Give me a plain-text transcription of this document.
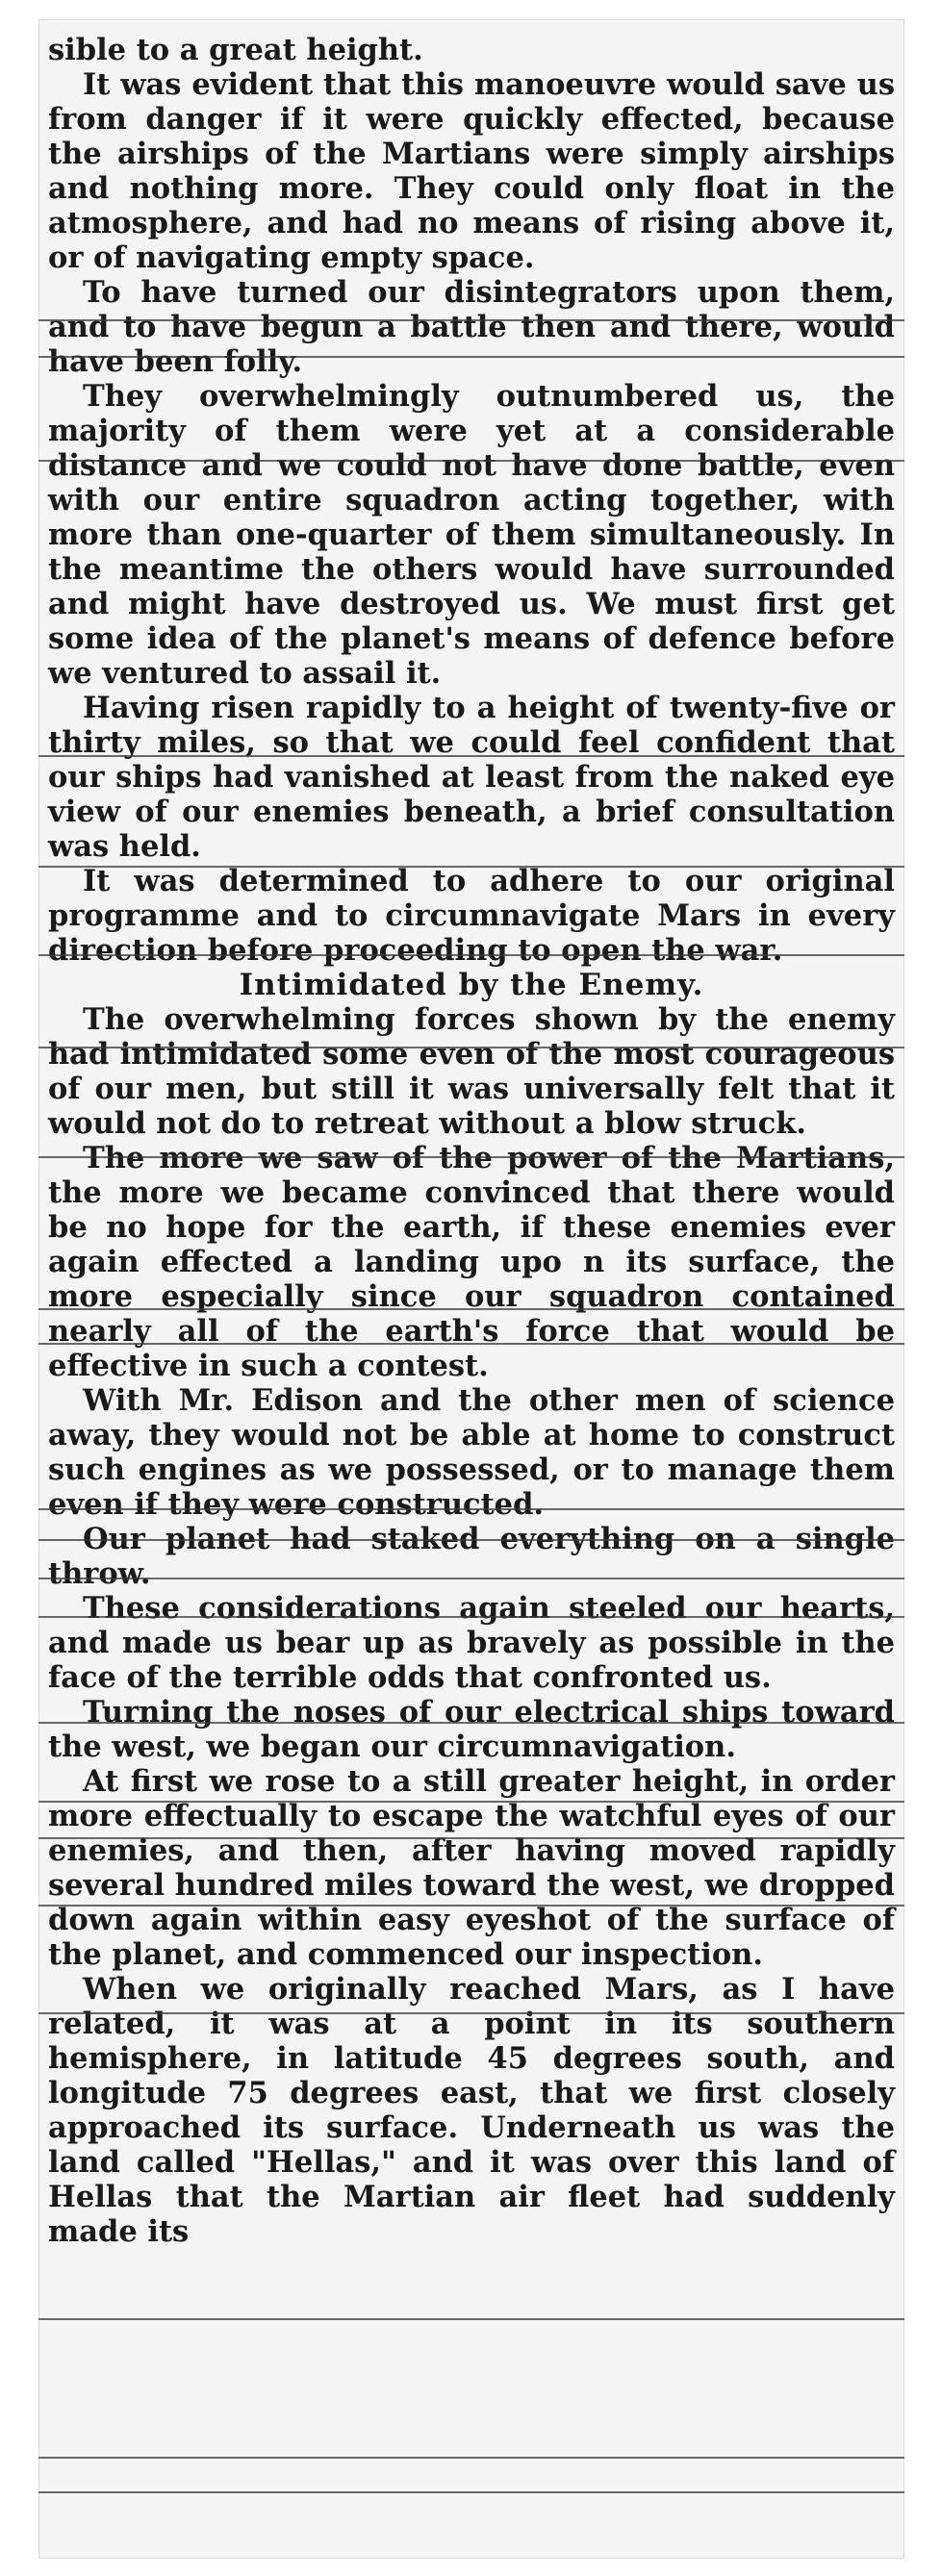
sible to a great height.

It was evident that this manoeuvre would save us from danger if it were quickly effected, because the airships of the Martians were simply airships and nothing more. They could only float in the atmosphere, and had no means of rising above it, or of navigating empty space.

To have turned our disintegrators upon them, and to have begun a battle then and there, would have been folly.

They overwhelmingly outnumbered us, the majority of them were yet at a considerable distance and we could not have done battle, even with our entire squadron acting together, with more than one-quarter of them simultaneously. In the meantime the others would have surrounded and might have destroyed us. We must first get some idea of the planet's means of defence before we ventured to assail it.

Having risen rapidly to a height of twenty-five or thirty miles, so that we could feel confident that our ships had vanished at least from the naked eye view of our enemies beneath, a brief consultation was held.

It was determined to adhere to our original programme and to circumnavigate Mars in every direction before proceeding to open the war.

Intimidated by the Enemy.

The overwhelming forces shown by the enemy had intimidated some even of the most courageous of our men, but still it was universally felt that it would not do to retreat without a blow struck.

The more we saw of the power of the Martians, the more we became convinced that there would be no hope for the earth, if these enemies ever again effected a landing upo n its surface, the more especially since our squadron contained nearly all of the earth's force that would be effective in such a contest.

With Mr. Edison and the other men of science away, they would not be able at home to construct such engines as we possessed, or to manage them even if they were constructed.

Our planet had staked everything on a single throw.

These considerations again steeled our hearts, and made us bear up as bravely as possible in the face of the terrible odds that confronted us.

Turning the noses of our electrical ships toward the west, we began our circumnavigation.

At first we rose to a still greater height, in order more effectually to escape the watchful eyes of our enemies, and then, after having moved rapidly several hundred miles toward the west, we dropped down again within easy eyeshot of the surface of the planet, and commenced our inspection.

When we originally reached Mars, as I have related, it was at a point in its southern hemisphere, in latitude 45 degrees south, and longitude 75 degrees east, that we first closely approached its surface. Underneath us was the land called "Hellas," and it was over this land of Hellas that the Martian air fleet had suddenly made its
